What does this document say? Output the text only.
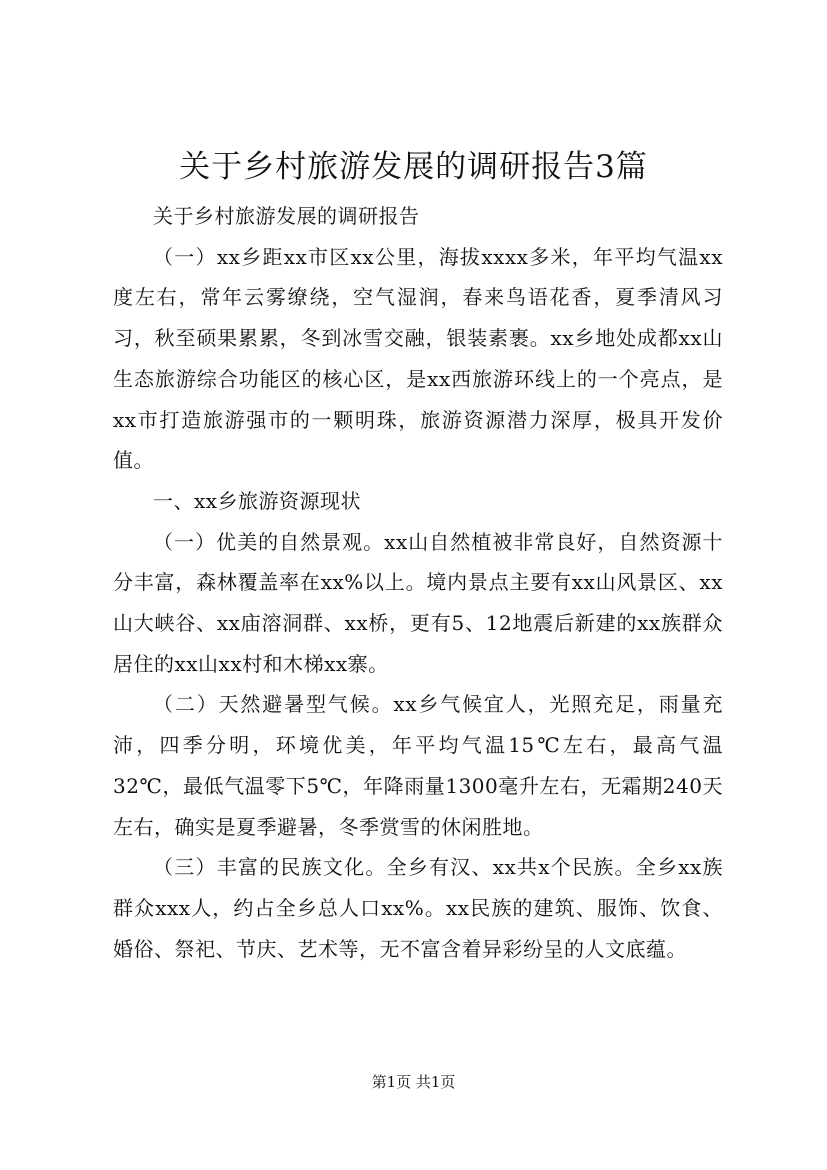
关于乡村旅游发展的调研报告3篇

关于乡村旅游发展的调研报告

（一）xx乡距xx市区xx公里，海拔xxxx多米，年平均气温xx度左右，常年云雾缭绕，空气湿润，春来鸟语花香，夏季清风习习，秋至硕果累累，冬到冰雪交融，银装素裹。xx乡地处成都xx山生态旅游综合功能区的核心区，是xx西旅游环线上的一个亮点，是xx市打造旅游强市的一颗明珠，旅游资源潜力深厚，极具开发价值。

一、xx乡旅游资源现状

（一）优美的自然景观。xx山自然植被非常良好，自然资源十分丰富，森林覆盖率在xx%以上。境内景点主要有xx山风景区、xx山大峡谷、xx庙溶洞群、xx桥，更有5、12地震后新建的xx族群众居住的xx山xx村和木梯xx寨。

（二）天然避暑型气候。xx乡气候宜人，光照充足，雨量充沛，四季分明，环境优美，年平均气温15℃左右，最高气温32℃，最低气温零下5℃，年降雨量1300毫升左右，无霜期240天左右，确实是夏季避暑，冬季赏雪的休闲胜地。

（三）丰富的民族文化。全乡有汉、xx共x个民族。全乡xx族群众xxx人，约占全乡总人口xx%。xx民族的建筑、服饰、饮食、婚俗、祭祀、节庆、艺术等，无不富含着异彩纷呈的人文底蕴。

第1页 共1页
